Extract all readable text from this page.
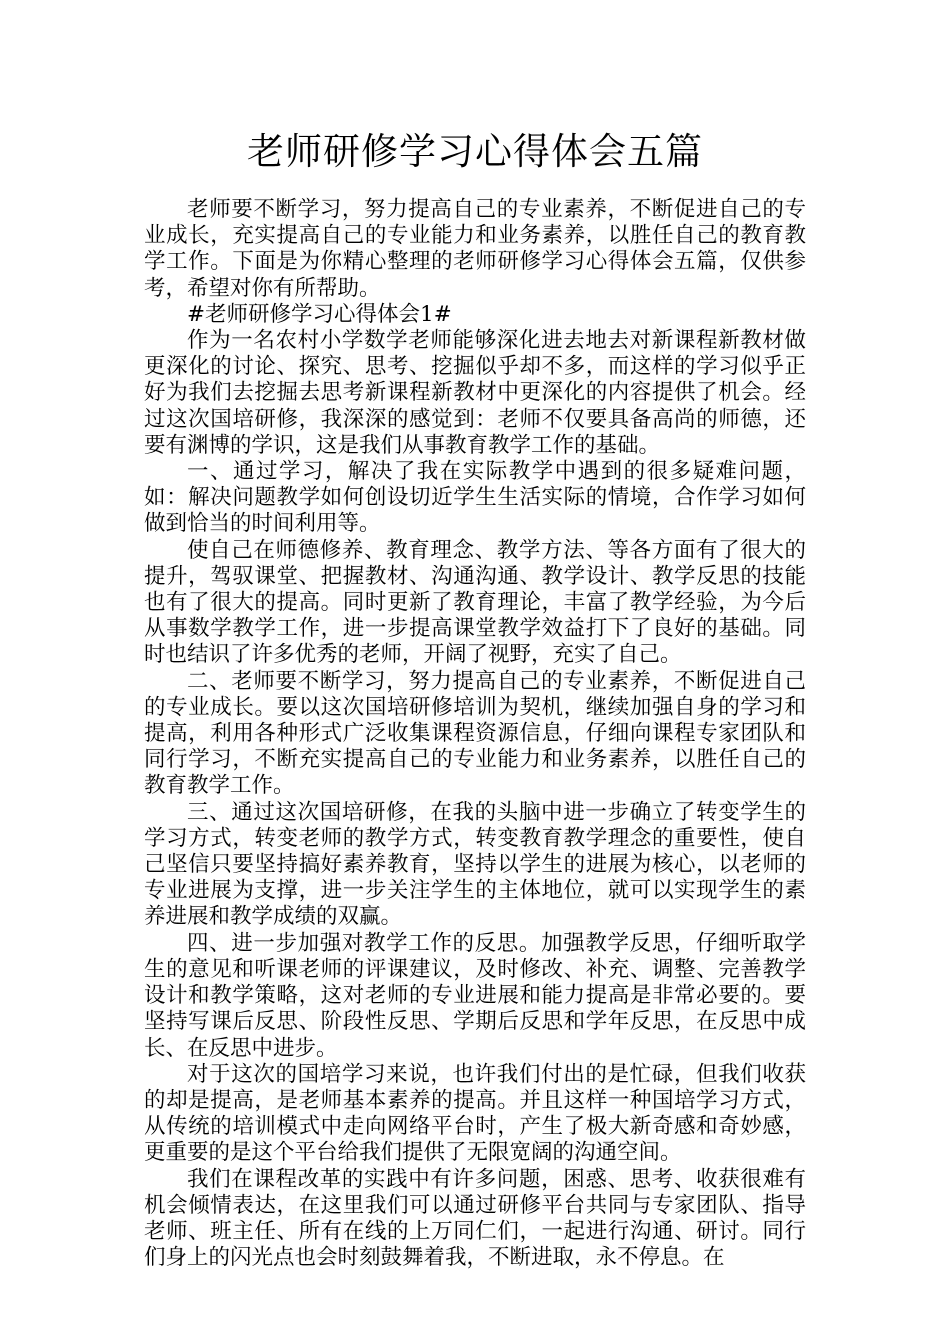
老师研修学习心得体会五篇

老师要不断学习，努力提高自己的专业素养，不断促进自己的专业成长，充实提高自己的专业能力和业务素养，以胜任自己的教育教学工作。下面是为你精心整理的老师研修学习心得体会五篇，仅供参考，希望对你有所帮助。

#老师研修学习心得体会1#

作为一名农村小学数学老师能够深化进去地去对新课程新教材做更深化的讨论、探究、思考、挖掘似乎却不多，而这样的学习似乎正好为我们去挖掘去思考新课程新教材中更深化的内容提供了机会。经过这次国培研修，我深深的感觉到：老师不仅要具备高尚的师德，还要有渊博的学识，这是我们从事教育教学工作的基础。

一、通过学习，解决了我在实际教学中遇到的很多疑难问题，如：解决问题教学如何创设切近学生生活实际的情境，合作学习如何做到恰当的时间利用等。

使自己在师德修养、教育理念、教学方法、等各方面有了很大的提升，驾驭课堂、把握教材、沟通沟通、教学设计、教学反思的技能也有了很大的提高。同时更新了教育理论，丰富了教学经验，为今后从事数学教学工作，进一步提高课堂教学效益打下了良好的基础。同时也结识了许多优秀的老师，开阔了视野，充实了自己。

二、老师要不断学习，努力提高自己的专业素养，不断促进自己的专业成长。要以这次国培研修培训为契机，继续加强自身的学习和提高，利用各种形式广泛收集课程资源信息，仔细向课程专家团队和同行学习，不断充实提高自己的专业能力和业务素养，以胜任自己的教育教学工作。

三、通过这次国培研修，在我的头脑中进一步确立了转变学生的学习方式，转变老师的教学方式，转变教育教学理念的重要性，使自己坚信只要坚持搞好素养教育，坚持以学生的进展为核心，以老师的专业进展为支撑，进一步关注学生的主体地位，就可以实现学生的素养进展和教学成绩的双赢。

四、进一步加强对教学工作的反思。加强教学反思，仔细听取学生的意见和听课老师的评课建议，及时修改、补充、调整、完善教学设计和教学策略，这对老师的专业进展和能力提高是非常必要的。要坚持写课后反思、阶段性反思、学期后反思和学年反思，在反思中成长、在反思中进步。

对于这次的国培学习来说，也许我们付出的是忙碌，但我们收获的却是提高，是老师基本素养的提高。并且这样一种国培学习方式，从传统的培训模式中走向网络平台时，产生了极大新奇感和奇妙感，更重要的是这个平台给我们提供了无限宽阔的沟通空间。

我们在课程改革的实践中有许多问题，困惑、思考、收获很难有机会倾情表达，在这里我们可以通过研修平台共同与专家团队、指导老师、班主任、所有在线的上万同仁们，一起进行沟通、研讨。同行们身上的闪光点也会时刻鼓舞着我，不断进取，永不停息。在
